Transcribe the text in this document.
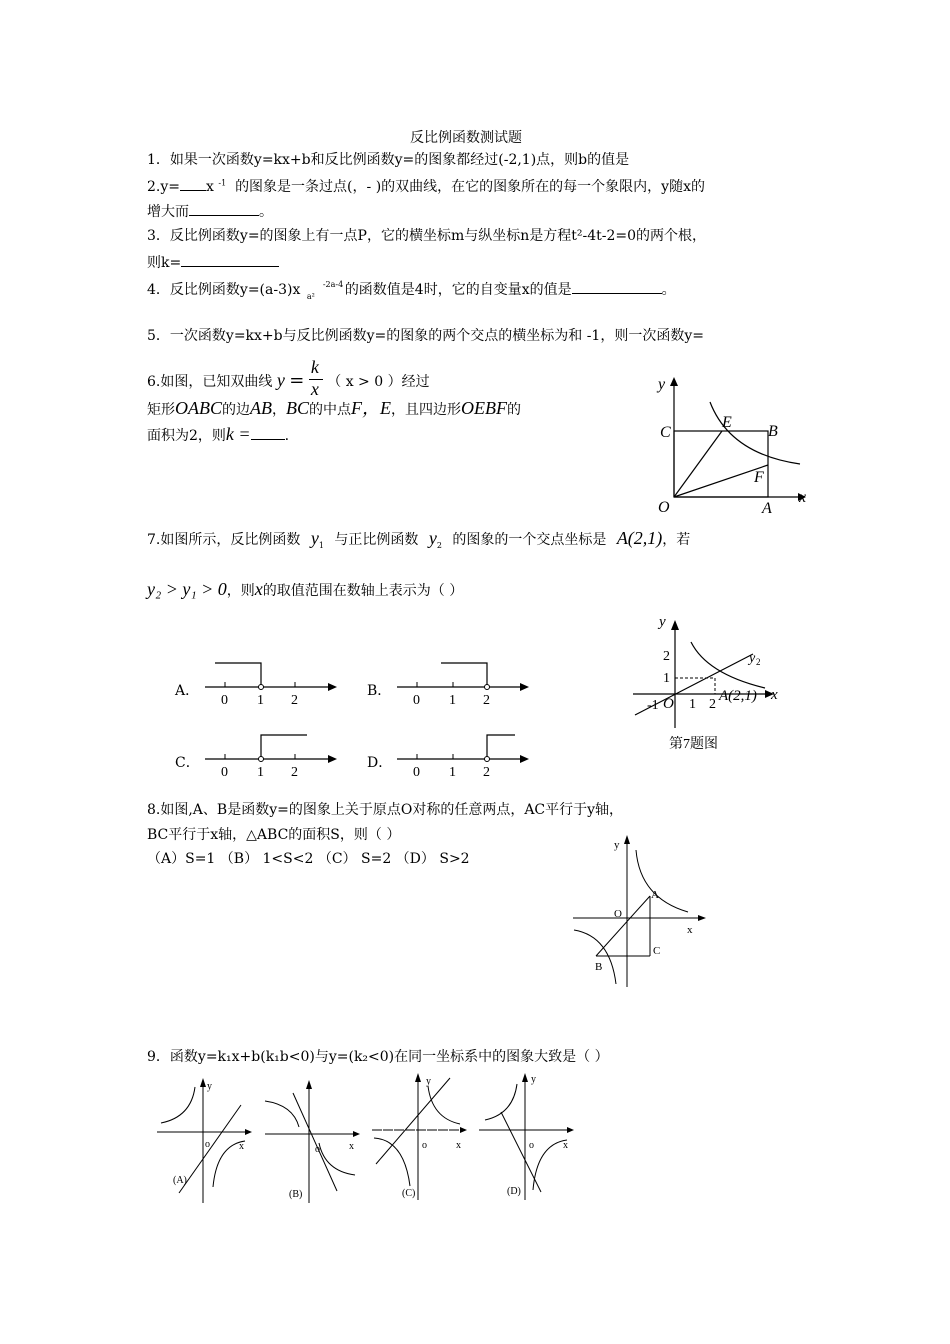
反比例函数测试题
1．如果一次函数y=kx+b和反比例函数y=的图象都经过(-2,1)点，则b的值是
2.y= x $^{-1}$ 的图象是一条过点(，- )的双曲线，在它的图象所在的每一个象限内，y随x的
增大而	。
3．反比例函数y=的图象上有一点P，它的横坐标m与纵坐标n是方程t²-4t-2=0的两个根，
则k=
4．反比例函数y=(a-3)x a²
-2a-4 的函数值是4时，它的自变量x的值是	。
5．一次函数y=kx+b与反比例函数y=的图象的两个交点的横坐标为和 -1，则一次函数y=
6.如图，已知双曲线 $y = \frac{k}{x}$ （ x > 0 ）经过
矩形OABC的边AB，BC的中点F，E，且四边形OEBF的
面积为2，则k = .
y
x
E
B
C
F
O	A
7.如图所示，反比例函数 $y_1$ 与正比例函数 $y_2$ 的图象的一个交点坐标是 A(2,1)，若
y₂ > y₁ > 0，则x的取值范围在数轴上表示为（ ）
A．
0 1 2
B．
0 1 2
C．
0 1 2
D．
0 1 2
y
x
2
1
-1 O 1 2
A(2,1)
y 2
第7题图
8.如图,A、B是函数y=的图象上关于原点O对称的任意两点，AC平行于y轴，
BC平行于x轴，△ABC的面积S，则（ ）
（A）S=1 （B） 1<S<2 （C） S=2 （D） S>2
y
x
O
A
B
C
9．函数y=k₁x+b(k₁b<0)与y=(k₂<0)在同一坐标系中的图象大致是（ ）
y
x
o
(A)
x
o
(B)
y
x
o
(C)
y
x
o
(D)
